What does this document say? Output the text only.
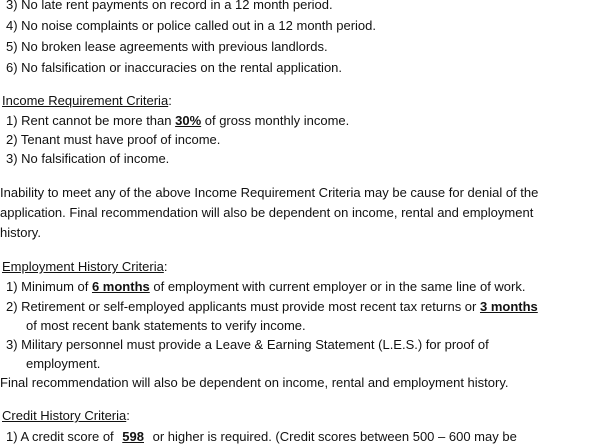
3) No late rent payments on record in a 12 month period.
4) No noise complaints or police called out in a 12 month period.
5) No broken lease agreements with previous landlords.
6) No falsification or inaccuracies on the rental application.
Income Requirement Criteria:
1) Rent cannot be more than 30% of gross monthly income.
2) Tenant must have proof of income.
3) No falsification of income.
Inability to meet any of the above Income Requirement Criteria may be cause for denial of the
application. Final recommendation will also be dependent on income, rental and employment
history.
Employment History Criteria:
1) Minimum of 6 months of employment with current employer or in the same line of work.
2) Retirement or self-employed applicants must provide most recent tax returns or 3 months
of most recent bank statements to verify income.
3) Military personnel must provide a Leave & Earning Statement (L.E.S.) for proof of
employment.
Final recommendation will also be dependent on income, rental and employment history.
Credit History Criteria:
1) A credit score of 598 or higher is required. (Credit scores between 500 – 600 may be
